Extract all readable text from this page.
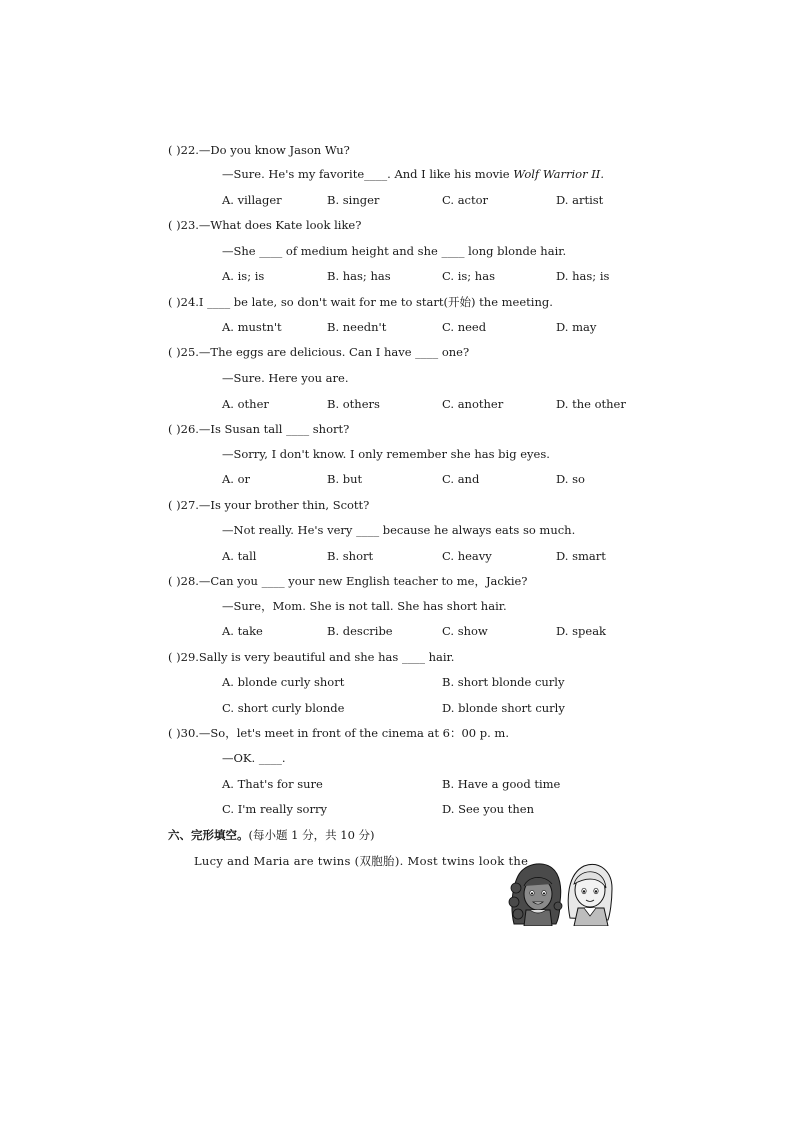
( )22.—Do you know Jason Wu?
—Sure. He's my favorite____. And I like his movie Wolf Warrior II.
A. villager	B. singer	C. actor	D. artist
( )23.—What does Kate look like?
—She ____ of medium height and she ____ long blonde hair.
A. is; is	B. has; has	C. is; has	D. has; is
( )24.I ____ be late, so don't wait for me to start(开始) the meeting.
A. mustn't	B. needn't	C. need	D. may
( )25.—The eggs are delicious. Can I have ____ one?
—Sure. Here you are.
A. other	B. others	C. another	D. the other
( )26.—Is Susan tall ____ short?
—Sorry, I don't know. I only remember she has big eyes.
A. or	B. but	C. and	D. so
( )27.—Is your brother thin, Scott?
—Not really. He's very ____ because he always eats so much.
A. tall	B. short	C. heavy	D. smart
( )28.—Can you ____ your new English teacher to me，Jackie?
—Sure，Mom. She is not tall. She has short hair.
A. take	B. describe	C. show	D. speak
( )29.Sally is very beautiful and she has ____ hair.
A. blonde curly short	B. short blonde curly
C. short curly blonde	D. blonde short curly
( )30.—So，let's meet in front of the cinema at 6：00 p. m.
—OK. ____.
A. That's for sure	B. Have a good time
C. I'm really sorry	D. See you then
六、完形填空。(每小题 1 分，共 10 分)
Lucy and Maria are twins (双胞胎). Most twins look the
